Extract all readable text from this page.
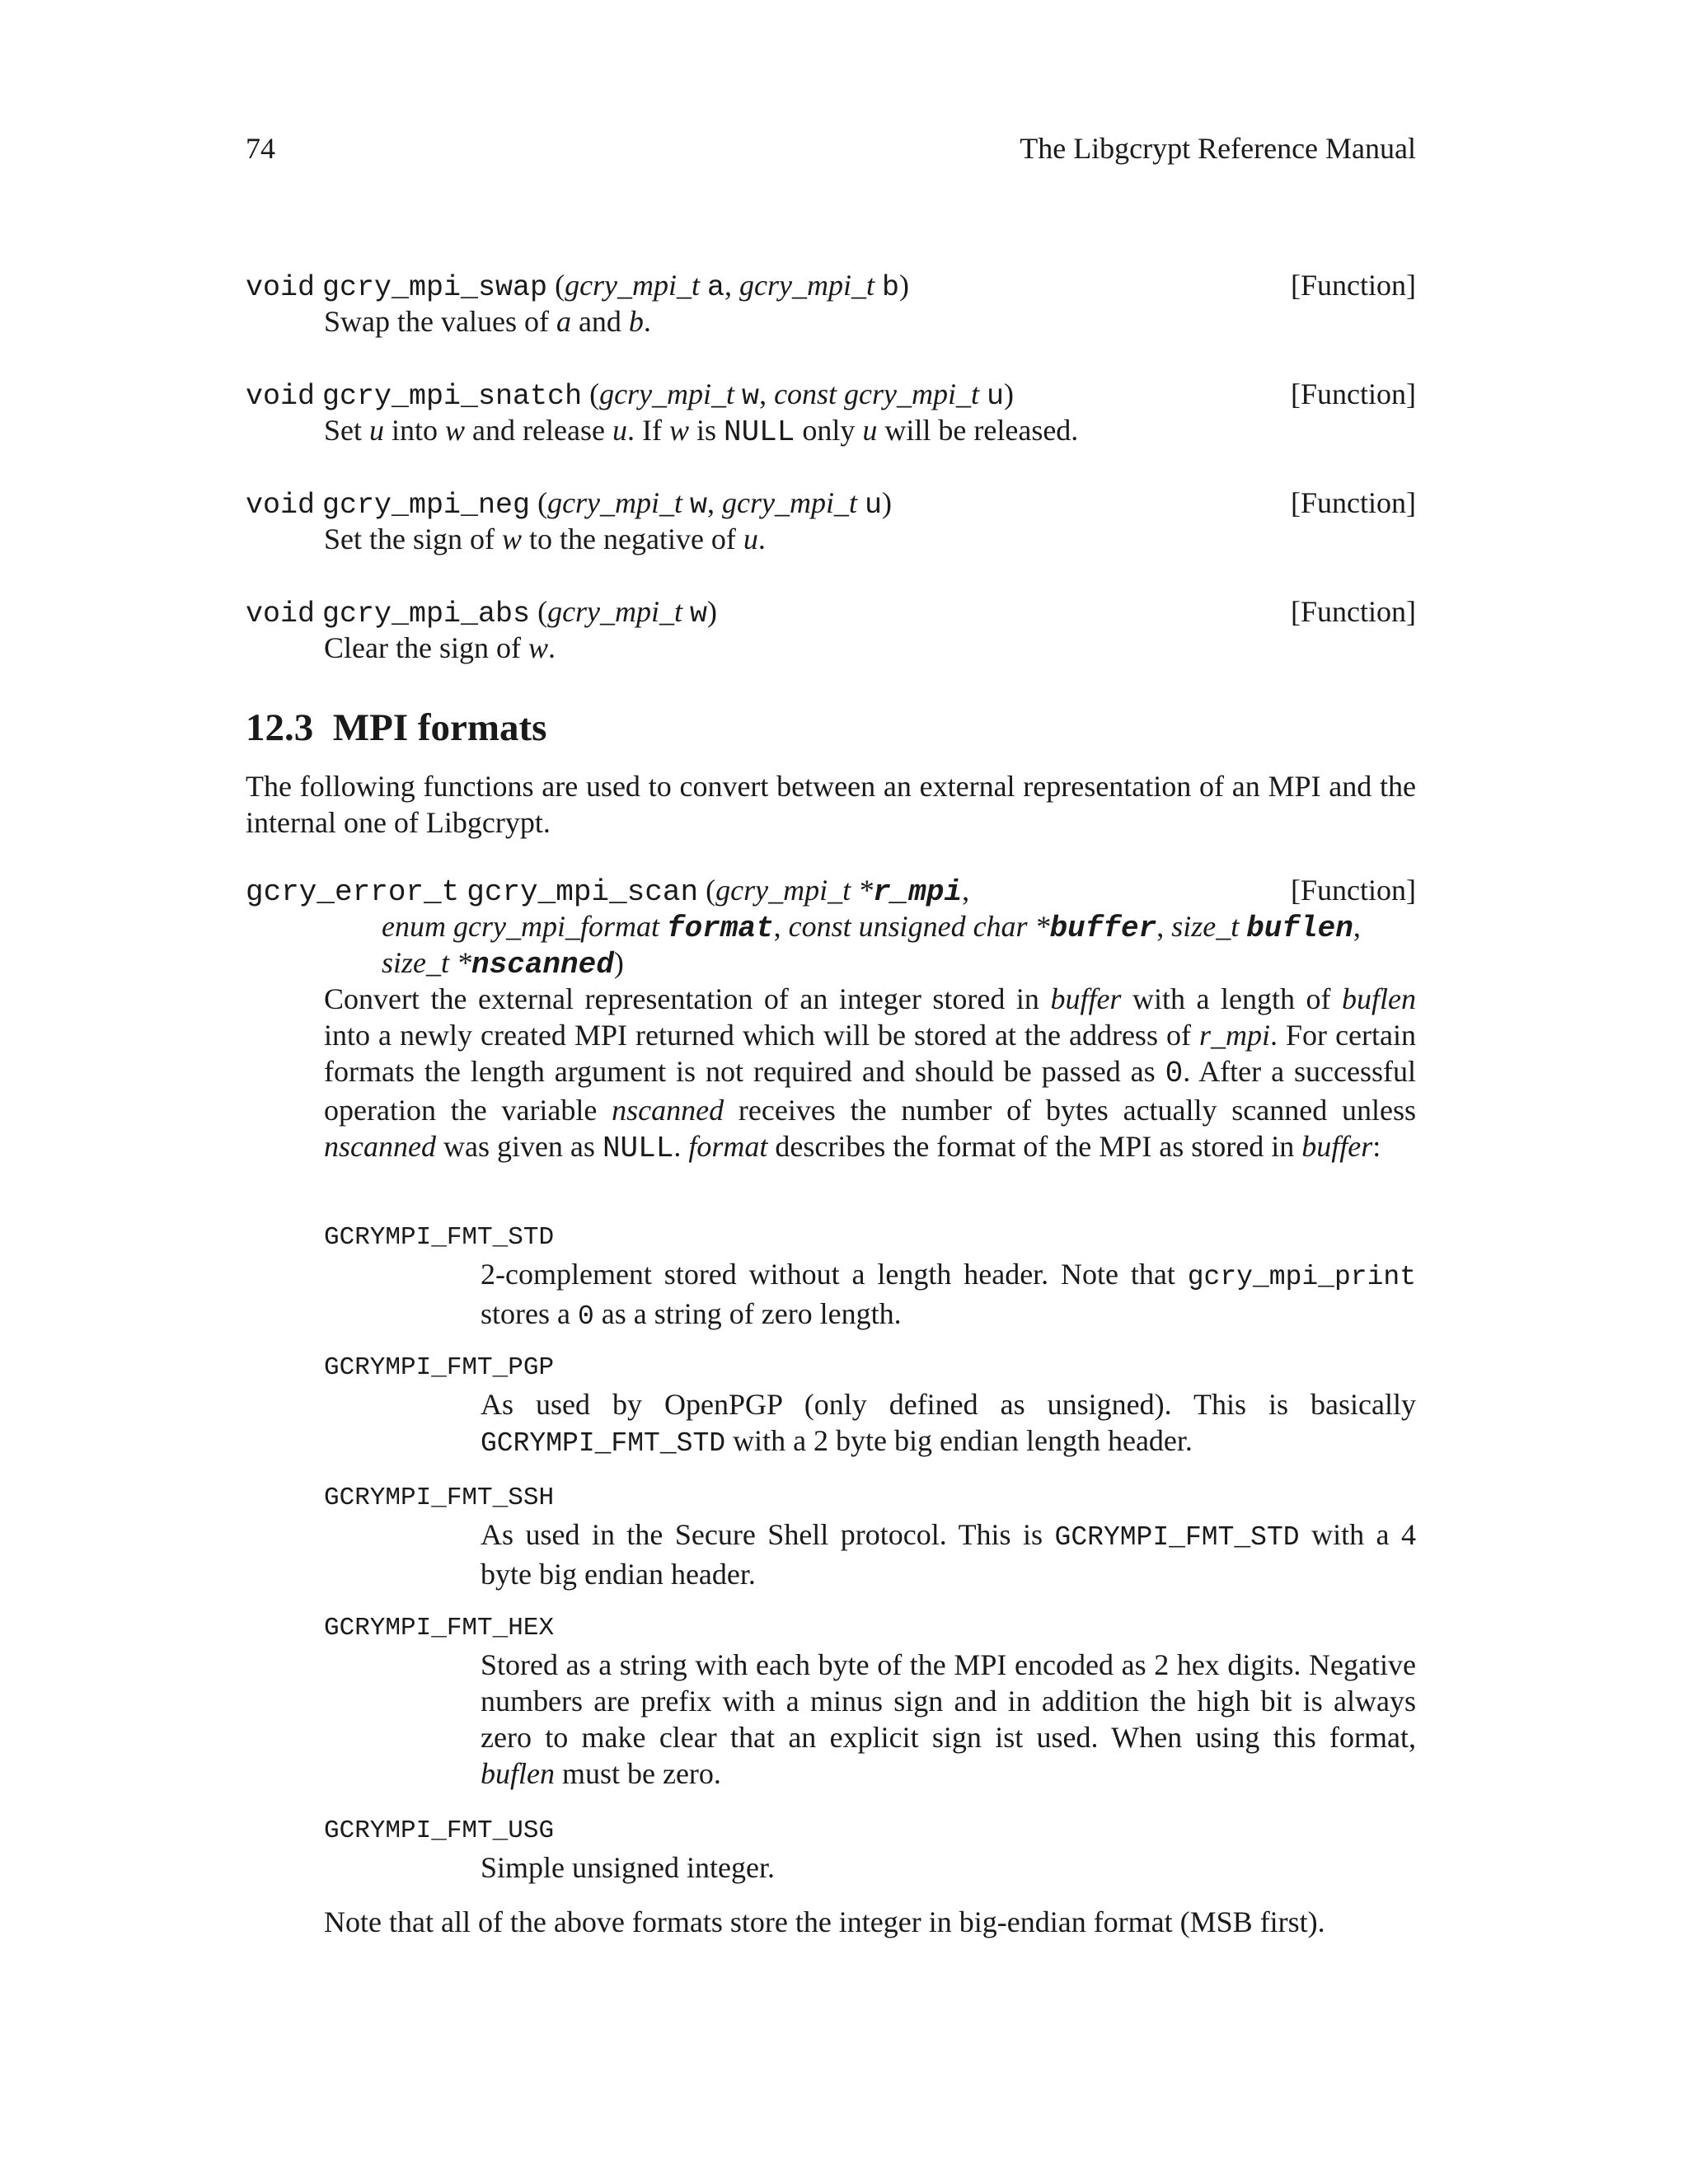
74	The Libgcrypt Reference Manual
void gcry_mpi_swap (gcry_mpi_t a, gcry_mpi_t b)	[Function]
Swap the values of a and b.
void gcry_mpi_snatch (gcry_mpi_t w, const gcry_mpi_t u)	[Function]
Set u into w and release u. If w is NULL only u will be released.
void gcry_mpi_neg (gcry_mpi_t w, gcry_mpi_t u)	[Function]
Set the sign of w to the negative of u.
void gcry_mpi_abs (gcry_mpi_t w)	[Function]
Clear the sign of w.
12.3 MPI formats
The following functions are used to convert between an external representation of an MPI and the internal one of Libgcrypt.
gcry_error_t gcry_mpi_scan (gcry_mpi_t *r_mpi,	[Function]
enum gcry_mpi_format format, const unsigned char *buffer, size_t buflen,
size_t *nscanned)
Convert the external representation of an integer stored in buffer with a length of buflen into a newly created MPI returned which will be stored at the address of r_mpi. For certain formats the length argument is not required and should be passed as 0. After a successful operation the variable nscanned receives the number of bytes actually scanned unless nscanned was given as NULL. format describes the format of the MPI as stored in buffer:
GCRYMPI_FMT_STD
2-complement stored without a length header. Note that gcry_mpi_print stores a 0 as a string of zero length.
GCRYMPI_FMT_PGP
As used by OpenPGP (only defined as unsigned). This is basically GCRYMPI_FMT_STD with a 2 byte big endian length header.
GCRYMPI_FMT_SSH
As used in the Secure Shell protocol. This is GCRYMPI_FMT_STD with a 4 byte big endian header.
GCRYMPI_FMT_HEX
Stored as a string with each byte of the MPI encoded as 2 hex digits. Negative numbers are prefix with a minus sign and in addition the high bit is always zero to make clear that an explicit sign ist used. When using this format, buflen must be zero.
GCRYMPI_FMT_USG
Simple unsigned integer.
Note that all of the above formats store the integer in big-endian format (MSB first).
